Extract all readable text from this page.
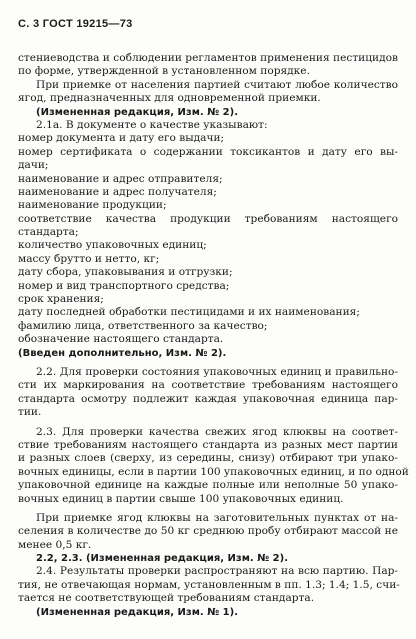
С. 3 ГОСТ 19215—73
стениеводства и соблюдении регламентов применения пестицидов
по форме, утвержденной в установленном порядке.
При приемке от населения партией считают любое количество
ягод, предназначенных для одновременной приемки.
(Измененная редакция, Изм. № 2).
2.1а. В документе о качестве указывают:
номер документа и дату его выдачи;
номер сертификата о содержании токсикантов и дату его вы-
дачи;
наименование и адрес отправителя;
наименование и адрес получателя;
наименование продукции;
соответствие качества продукции требованиям настоящего
стандарта;
количество упаковочных единиц;
массу брутто и нетто, кг;
дату сбора, упаковывания и отгрузки;
номер и вид транспортного средства;
срок хранения;
дату последней обработки пестицидами и их наименования;
фамилию лица, ответственного за качество;
обозначение настоящего стандарта.
(Введен дополнительно, Изм. № 2).
2.2. Для проверки состояния упаковочных единиц и правильно-
сти их маркирования на соответствие требованиям настоящего
стандарта осмотру подлежит каждая упаковочная единица пар-
тии.
2.3. Для проверки качества свежих ягод клюквы на соответ-
ствие требованиям настоящего стандарта из разных мест партии
и разных слоев (сверху, из середины, снизу) отбирают три упако-
вочных единицы, если в партии 100 упаковочных единиц, и по одной
упаковочной единице на каждые полные или неполные 50 упако-
вочных единиц в партии свыше 100 упаковочных единиц.
При приемке ягод клюквы на заготовительных пунктах от на-
селения в количестве до 50 кг среднюю пробу отбирают массой не
менее 0,5 кг.
2.2, 2.3. (Измененная редакция, Изм. № 2).
2.4. Результаты проверки распространяют на всю партию. Пар-
тия, не отвечающая нормам, установленным в пп. 1.3; 1.4; 1.5, счи-
тается не соответствующей требованиям стандарта.
(Измененная редакция, Изм. № 1).
